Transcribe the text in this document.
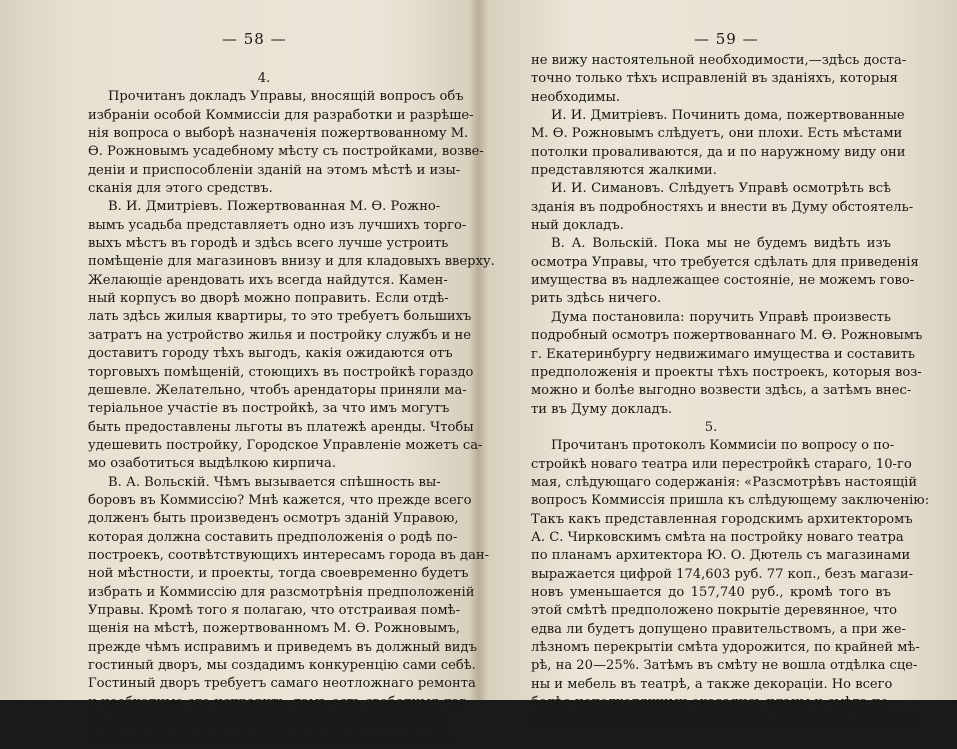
— 58 —
4.
Прочитанъ докладъ Управы, вносящій вопросъ объ
избраніи особой Коммиссіи для разработки и разрѣше-
нія вопроса о выборѣ назначенія пожертвованному М.
Ѳ. Рожновымъ усадебному мѣсту съ постройками, возве-
деніи и приспособленіи зданій на этомъ мѣстѣ и изы-
сканія для этого средствъ.
В. И. Дмитріевъ. Пожертвованная М. Ѳ. Рожно-
вымъ усадьба представляетъ одно изъ лучшихъ торго-
выхъ мѣстъ въ городѣ и здѣсь всего лучше устроить
помѣщеніе для магазиновъ внизу и для кладовыхъ вверху.
Желающіе арендовать ихъ всегда найдутся. Камен-
ный корпусъ во дворѣ можно поправить. Если отдѣ-
лать здѣсь жилыя квартиры, то это требуетъ большихъ
затратъ на устройство жилья и постройку службъ и не
доставитъ городу тѣхъ выгодъ, какія ожидаются отъ
торговыхъ помѣщеній, стоющихъ въ постройкѣ гораздо
дешевле. Желательно, чтобъ арендаторы приняли ма-
теріальное участіе въ постройкѣ, за что имъ могутъ
быть предоставлены льготы въ платежѣ аренды. Чтобы
удешевить постройку, Городское Управленіе можетъ са-
мо озаботиться выдѣлкою кирпича.
В. А. Вольскій. Чѣмъ вызывается спѣшность вы-
боровъ въ Коммиссію? Мнѣ кажется, что прежде всего
долженъ быть произведенъ осмотръ зданій Управою,
которая должна составить предположенія о родѣ по-
построекъ, соотвѣтствующихъ интересамъ города въ дан-
ной мѣстности, и проекты, тогда своевременно будетъ
избрать и Коммиссію для разсмотрѣнія предположеній
Управы. Кромѣ того я полагаю, что отстраивая помѣ-
щенія на мѣстѣ, пожертвованномъ М. Ѳ. Рожновымъ,
прежде чѣмъ исправимъ и приведемъ въ должный видъ
гостиный дворъ, мы создадимъ конкуренцію сами себѣ.
Гостиный дворъ требуетъ самаго неотложнаго ремонта
и необходимо его исправить, тамъ есть свободныя лав-
ки, возводить же новыя торговыя помѣщенія на уса-
дебномъ мѣстѣ, пока гостиный дворъ не весь занятъ,
— 59 —
не вижу настоятельной необходимости,—здѣсь доста-
точно только тѣхъ исправленій въ зданіяхъ, которыя
необходимы.
И. И. Дмитріевъ. Починить дома, пожертвованные
М. Ѳ. Рожновымъ слѣдуетъ, они плохи. Есть мѣстами
потолки проваливаются, да и по наружному виду они
представляются жалкими.
И. И. Симановъ. Слѣдуетъ Управѣ осмотрѣть всѣ
зданія въ подробностяхъ и внести въ Думу обстоятель-
ный докладъ.
В. А. Вольскій. Пока мы не будемъ видѣть изъ
осмотра Управы, что требуется сдѣлать для приведенія
имущества въ надлежащее состояніе, не можемъ гово-
рить здѣсь ничего.
Дума постановила: поручить Управѣ произвесть
подробный осмотръ пожертвованнаго М. Ѳ. Рожновымъ
г. Екатеринбургу недвижимаго имущества и составить
предположенія и проекты тѣхъ построекъ, которыя воз-
можно и болѣе выгодно возвести здѣсь, а затѣмъ внес-
ти въ Думу докладъ.
5.
Прочитанъ протоколъ Коммисіи по вопросу о по-
стройкѣ новаго театра или перестройкѣ стараго, 10-го
мая, слѣдующаго содержанія: «Разсмотрѣвъ настоящій
вопросъ Коммиссія пришла къ слѣдующему заключенію:
Такъ какъ представленная городскимъ архитекторомъ
А. С. Чирковскимъ смѣта на постройку новаго театра
по планамъ архитектора Ю. О. Дютель съ магазинами
выражается цифрой 174,603 руб. 77 коп., безъ магази-
новъ уменьшается до 157,740 руб., кромѣ того въ
этой смѣтѣ предположено покрытіе деревянное, что
едва ли будетъ допущено правительствомъ, а при же-
лѣзномъ перекрытіи смѣта удорожится, по крайней мѣ-
рѣ, на 20—25%. Затѣмъ въ смѣту не вошла отдѣлка сце-
ны и мебель въ театрѣ, а также декораціи. Но всего
болѣе неподходящими оказались планы и смѣта по-
стройки новаго городского театра, цѣнностію со всѣми
